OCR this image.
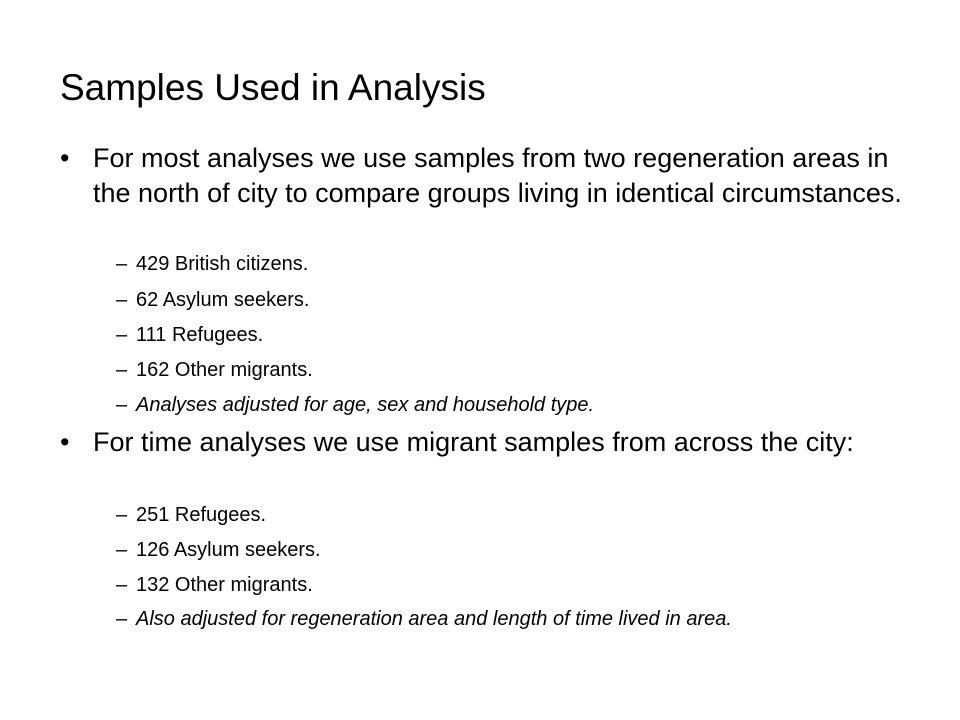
Samples Used in Analysis
• For most analyses we use samples from two regeneration areas in the north of city to compare groups living in identical circumstances.
– 429 British citizens.
– 62 Asylum seekers.
– 111 Refugees.
– 162 Other migrants.
– Analyses adjusted for age, sex and household type.
• For time analyses we use migrant samples from across the city:
– 251 Refugees.
– 126 Asylum seekers.
– 132 Other migrants.
– Also adjusted for regeneration area and length of time lived in area.
